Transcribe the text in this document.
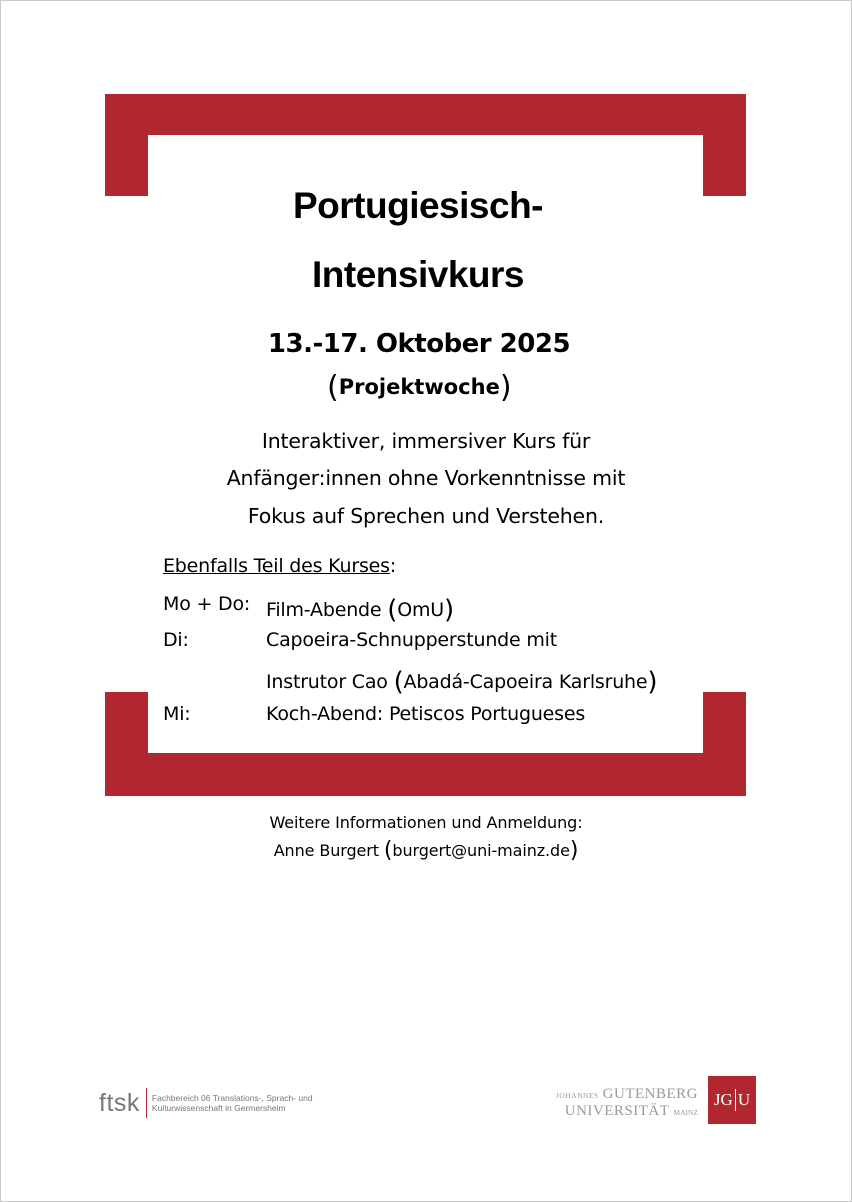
Portugiesisch-
Intensivkurs
13.-17. Oktober 2025
(Projektwoche)
Interaktiver, immersiver Kurs für
Anfänger:innen ohne Vorkenntnisse mit
Fokus auf Sprechen und Verstehen.
Ebenfalls Teil des Kurses:
Mo + Do: Film-Abende (OmU)
Di:	Capoeira-Schnupperstunde mit
Instrutor Cao (Abadá-Capoeira Karlsruhe)
Mi:	Koch-Abend: Petiscos Portugueses
Weitere Informationen und Anmeldung:
Anne Burgert (burgert@uni-mainz.de)
ftsk Fachbereich 06 Translations-, Sprach- und
Kulturwissenschaft in Germersheim
JOHANNES GUTENBERG
UNIVERSITÄT MAINZ
JG U
